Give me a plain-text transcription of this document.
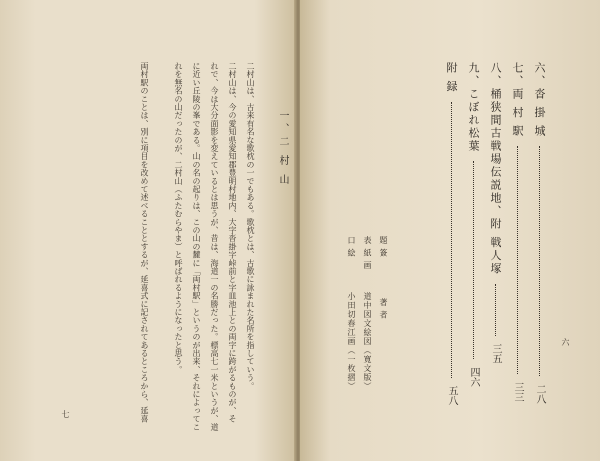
一、二 村 山
二村山は、古来有名な歌枕の一でもある。歌枕とは、古歌に詠まれた名所を指していう。
二村山は、今の愛知県愛知郡豊明村地内、大字沓掛字峠前と字皿池上との両字に跨がるものが、そ
れで、今は大分面影を変えているとは思うが、昔は、海道一の名勝だった。標高七一米というが、道
に近い丘陵の峯である。山の名の起りは、この山の麓に「両村駅」というのが出来、それによってこ
れを無名の山だったのが、二村山（ふたむらやま）と呼ばれるようになったと思う。
両村駅のことは、別に項目を改めて述べることとするが、延喜式に記されてあるところから、延喜
七
題 簽
著 者
表 紙 画
道中図文絵図（寛文版）
口 絵
小田切春江画（一枚摺）
六、沓 掛 城  二八
七、両 村 駅  三三
八、桶狭間古戦場伝説地、附 戦人塚  三五
九、こぼれ松葉  四六
附 録  五八
六
